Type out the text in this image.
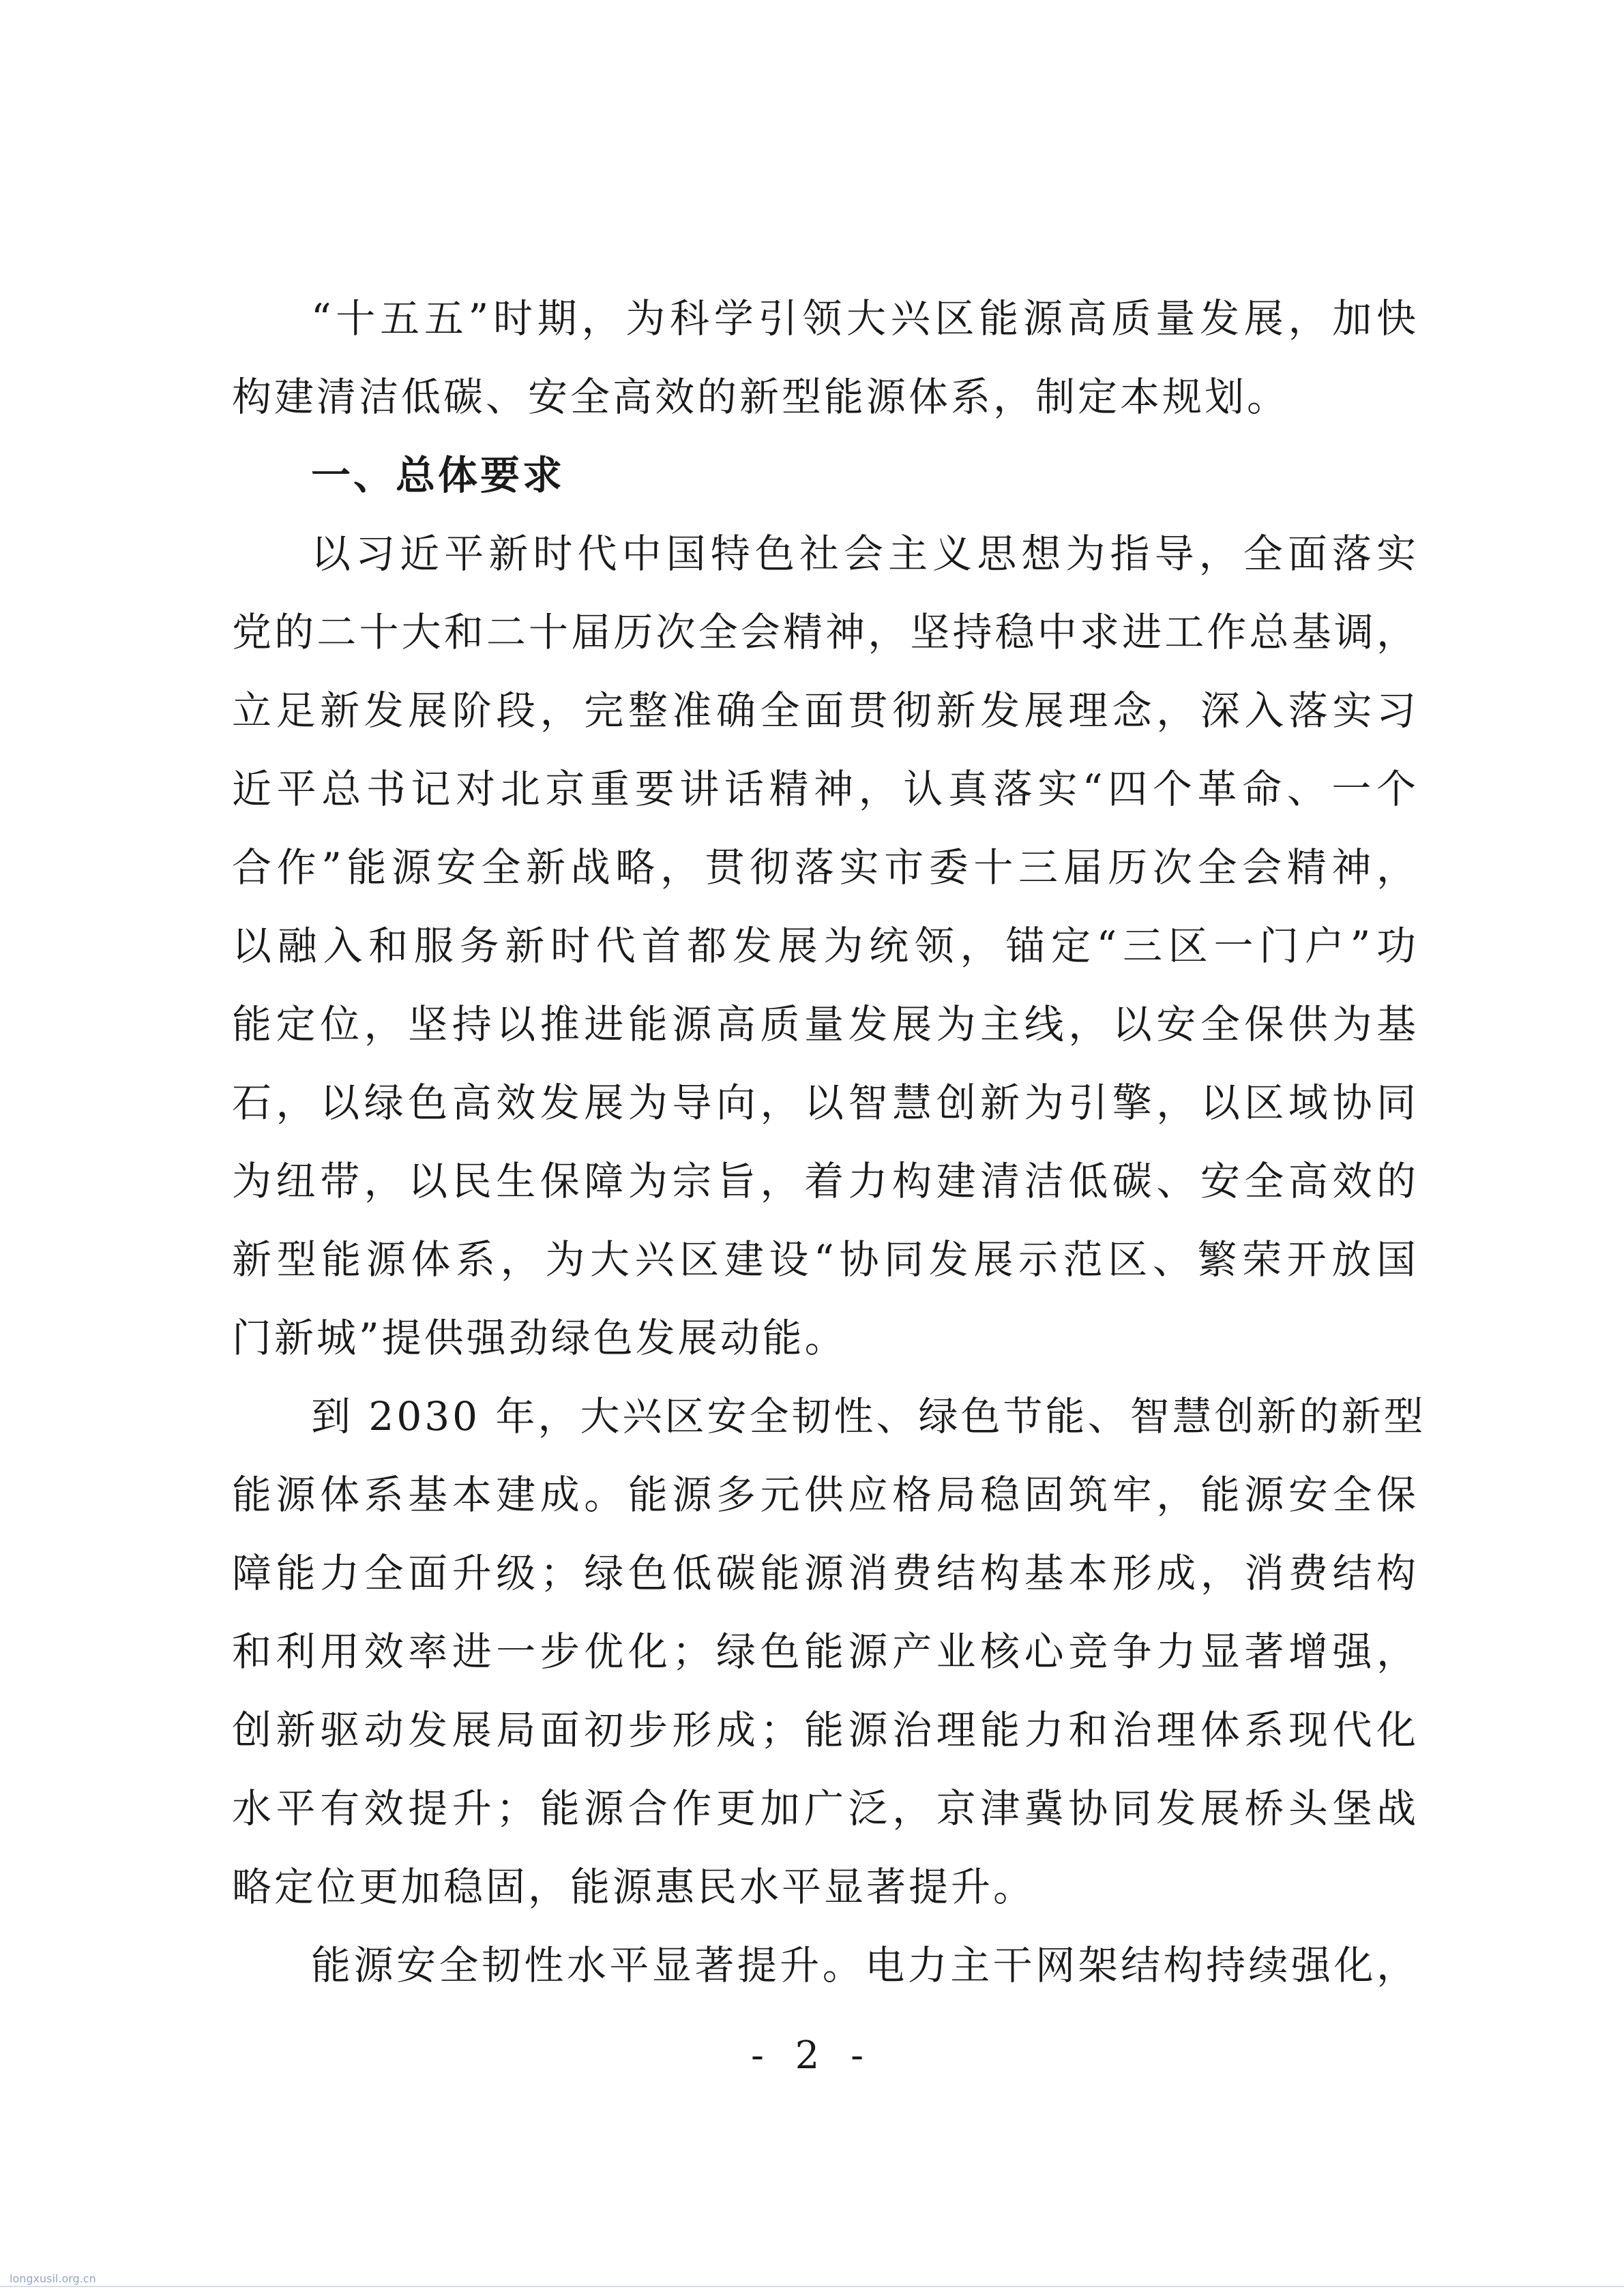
“十五五”时期，为科学引领大兴区能源高质量发展，加快
构建清洁低碳、安全高效的新型能源体系，制定本规划。
一、总体要求
以习近平新时代中国特色社会主义思想为指导，全面落实
党的二十大和二十届历次全会精神，坚持稳中求进工作总基调，
立足新发展阶段，完整准确全面贯彻新发展理念，深入落实习
近平总书记对北京重要讲话精神，认真落实“四个革命、一个
合作”能源安全新战略，贯彻落实市委十三届历次全会精神，
以融入和服务新时代首都发展为统领，锚定“三区一门户”功
能定位，坚持以推进能源高质量发展为主线，以安全保供为基
石，以绿色高效发展为导向，以智慧创新为引擎，以区域协同
为纽带，以民生保障为宗旨，着力构建清洁低碳、安全高效的
新型能源体系，为大兴区建设“协同发展示范区、繁荣开放国
门新城”提供强劲绿色发展动能。
到 2030 年，大兴区安全韧性、绿色节能、智慧创新的新型
能源体系基本建成。能源多元供应格局稳固筑牢，能源安全保
障能力全面升级；绿色低碳能源消费结构基本形成，消费结构
和利用效率进一步优化；绿色能源产业核心竞争力显著增强，
创新驱动发展局面初步形成；能源治理能力和治理体系现代化
水平有效提升；能源合作更加广泛，京津冀协同发展桥头堡战
略定位更加稳固，能源惠民水平显著提升。
能源安全韧性水平显著提升。电力主干网架结构持续强化，
- 2 -
longxusil.org.cn
